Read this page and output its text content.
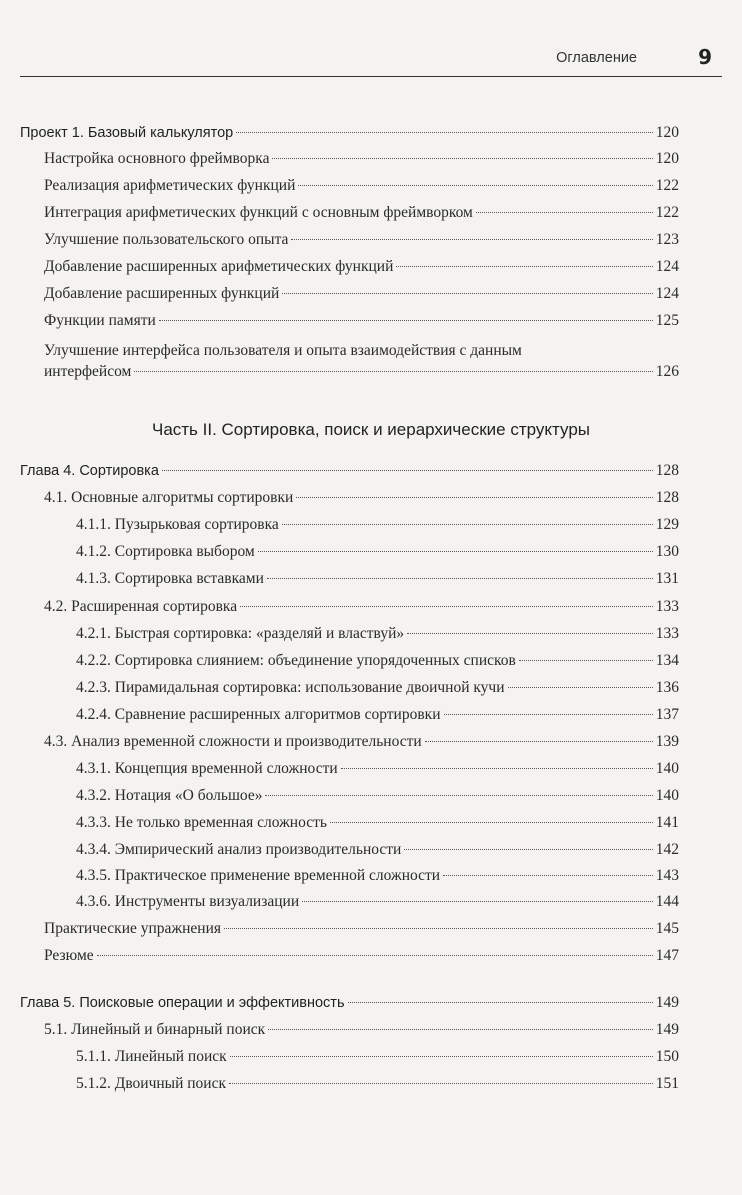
Оглавление	9
Проект 1. Базовый калькулятор	120
Настройка основного фреймворка	120
Реализация арифметических функций	122
Интеграция арифметических функций с основным фреймворком	122
Улучшение пользовательского опыта	123
Добавление расширенных арифметических функций	124
Добавление расширенных функций	124
Функции памяти	125
Улучшение интерфейса пользователя и опыта взаимодействия с данным
интерфейсом	126
Часть II. Сортировка, поиск и иерархические структуры
Глава 4. Сортировка	128
4.1. Основные алгоритмы сортировки	128
4.1.1. Пузырьковая сортировка	129
4.1.2. Сортировка выбором	130
4.1.3. Сортировка вставками	131
4.2. Расширенная сортировка	133
4.2.1. Быстрая сортировка: «разделяй и властвуй»	133
4.2.2. Сортировка слиянием: объединение упорядоченных списков	134
4.2.3. Пирамидальная сортировка: использование двоичной кучи	136
4.2.4. Сравнение расширенных алгоритмов сортировки	137
4.3. Анализ временной сложности и производительности	139
4.3.1. Концепция временной сложности	140
4.3.2. Нотация «О большое»	140
4.3.3. Не только временная сложность	141
4.3.4. Эмпирический анализ производительности	142
4.3.5. Практическое применение временной сложности	143
4.3.6. Инструменты визуализации	144
Практические упражнения	145
Резюме	147
Глава 5. Поисковые операции и эффективность	149
5.1. Линейный и бинарный поиск	149
5.1.1. Линейный поиск	150
5.1.2. Двоичный поиск	151
